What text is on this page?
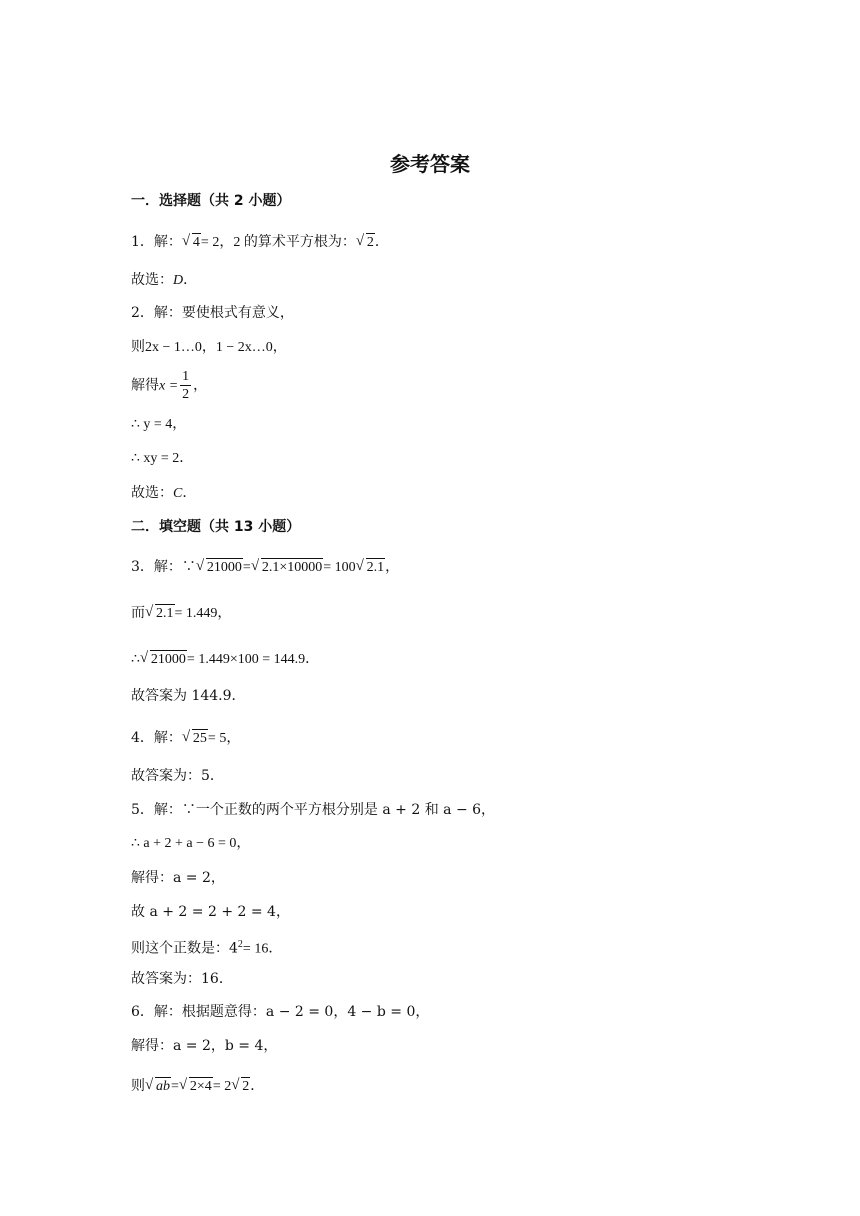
参考答案
一．选择题（共 2 小题）
1．解： √ 4= 2，2 的算术平方根为： √ 2．
故选：D．
2．解：要使根式有意义，
则2x − 1…0，1 − 2x…0，
解得$x = \frac{1}{2}$ ，
∴ y = 4，
∴ xy = 2．
故选：C．
二．填空题（共 13 小题）
3．解：∵ √ 21000= √ 2.1×10000= 100 √ 2.1，
而 √ 2.1= 1.449，
∴ √ 21000= 1.449×100 = 144.9．
故答案为 144.9．
4．解： √ 25= 5，
故答案为：5．
5．解：∵一个正数的两个平方根分别是 a + 2 和 a − 6，
∴ a + 2 + a − 6 = 0，
解得：a = 2，
故 a + 2 = 2 + 2 = 4，
则这个正数是：$4^2= 16$．
故答案为：16．
6．解：根据题意得：a − 2 = 0，4 − b = 0，
解得：a = 2，b = 4，
则 √ ab= √ 2×4= 2 √ 2．
